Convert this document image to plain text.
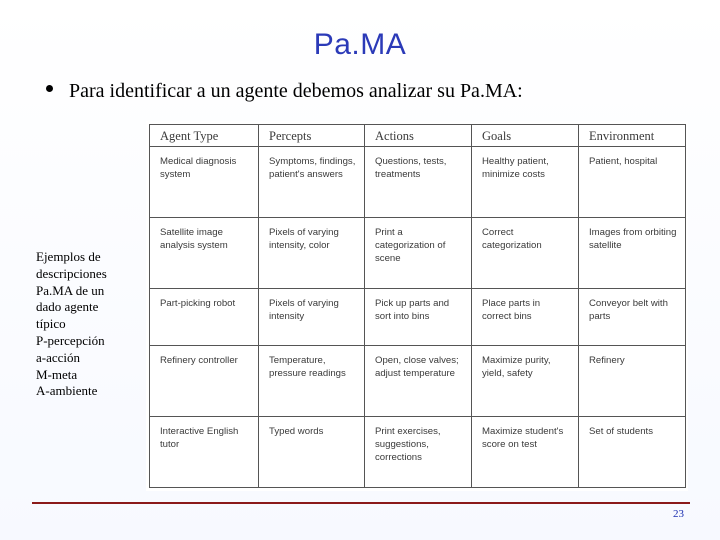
Pa.MA
Para identificar a un agente debemos analizar su Pa.MA:
Ejemplos de
descripciones
Pa.MA de un
dado agente
típico
P-percepción
a-acción
M-meta
A-ambiente
Agent Type	Percepts	Actions	Goals	Environment
Medical diagnosis system	Symptoms, findings, patient's answers	Questions, tests, treatments	Healthy patient, minimize costs	Patient, hospital
Satellite image analysis system	Pixels of varying intensity, color	Print a categorization of scene	Correct categorization	Images from orbiting satellite
Part-picking robot	Pixels of varying intensity	Pick up parts and sort into bins	Place parts in correct bins	Conveyor belt with parts
Refinery controller	Temperature, pressure readings	Open, close valves; adjust temperature	Maximize purity, yield, safety	Refinery
Interactive English tutor	Typed words	Print exercises, suggestions, corrections	Maximize student's score on test	Set of students
23
